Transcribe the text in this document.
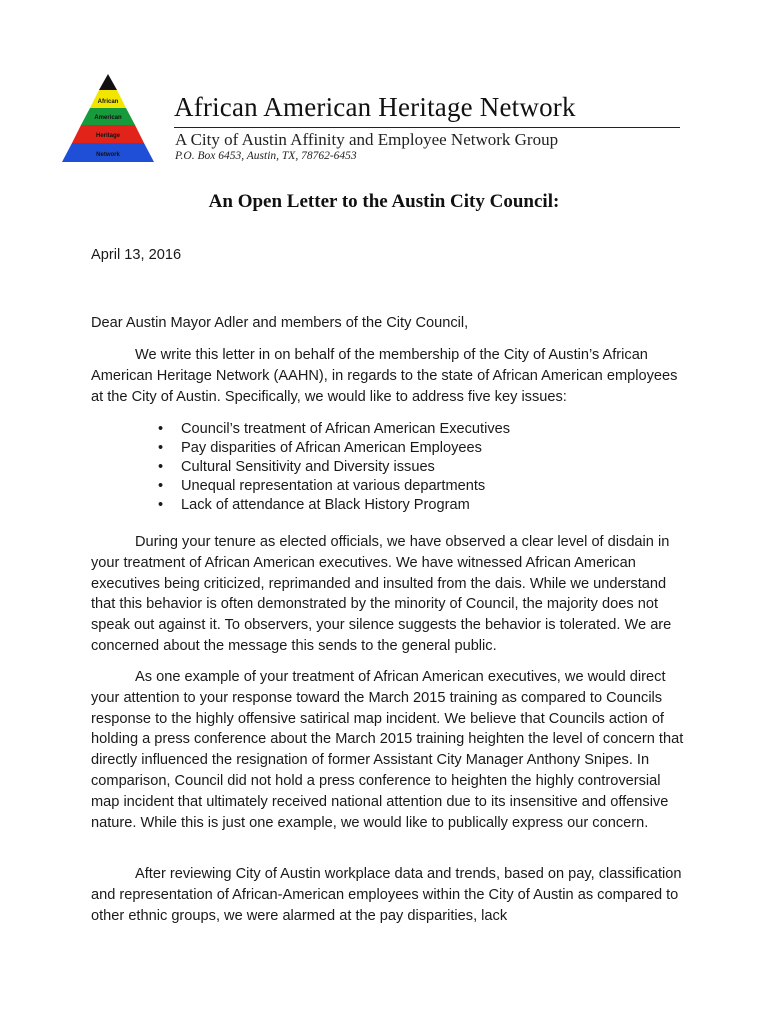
African
American
Heritage
Network
African American Heritage Network
A City of Austin Affinity and Employee Network Group
P.O. Box 6453, Austin, TX, 78762-6453
An Open Letter to the Austin City Council:
April 13, 2016
Dear Austin Mayor Adler and members of the City Council,
We write this letter in on behalf of the membership of the City of Austin’s African American Heritage Network (AAHN), in regards to the state of African American employees at the City of Austin. Specifically, we would like to address five key issues:
• Council’s treatment of African American Executives
• Pay disparities of African American Employees
• Cultural Sensitivity and Diversity issues
• Unequal representation at various departments
• Lack of attendance at Black History Program
During your tenure as elected officials, we have observed a clear level of disdain in your treatment of African American executives. We have witnessed African American executives being criticized, reprimanded and insulted from the dais. While we understand that this behavior is often demonstrated by the minority of Council, the majority does not speak out against it. To observers, your silence suggests the behavior is tolerated. We are concerned about the message this sends to the general public.
As one example of your treatment of African American executives, we would direct your attention to your response toward the March 2015 training as compared to Councils response to the highly offensive satirical map incident. We believe that Councils action of holding a press conference about the March 2015 training heighten the level of concern that directly influenced the resignation of former Assistant City Manager Anthony Snipes. In comparison, Council did not hold a press conference to heighten the highly controversial map incident that ultimately received national attention due to its insensitive and offensive nature. While this is just one example, we would like to publically express our concern.
After reviewing City of Austin workplace data and trends, based on pay, classification and representation of African-American employees within the City of Austin as compared to other ethnic groups, we were alarmed at the pay disparities, lack
